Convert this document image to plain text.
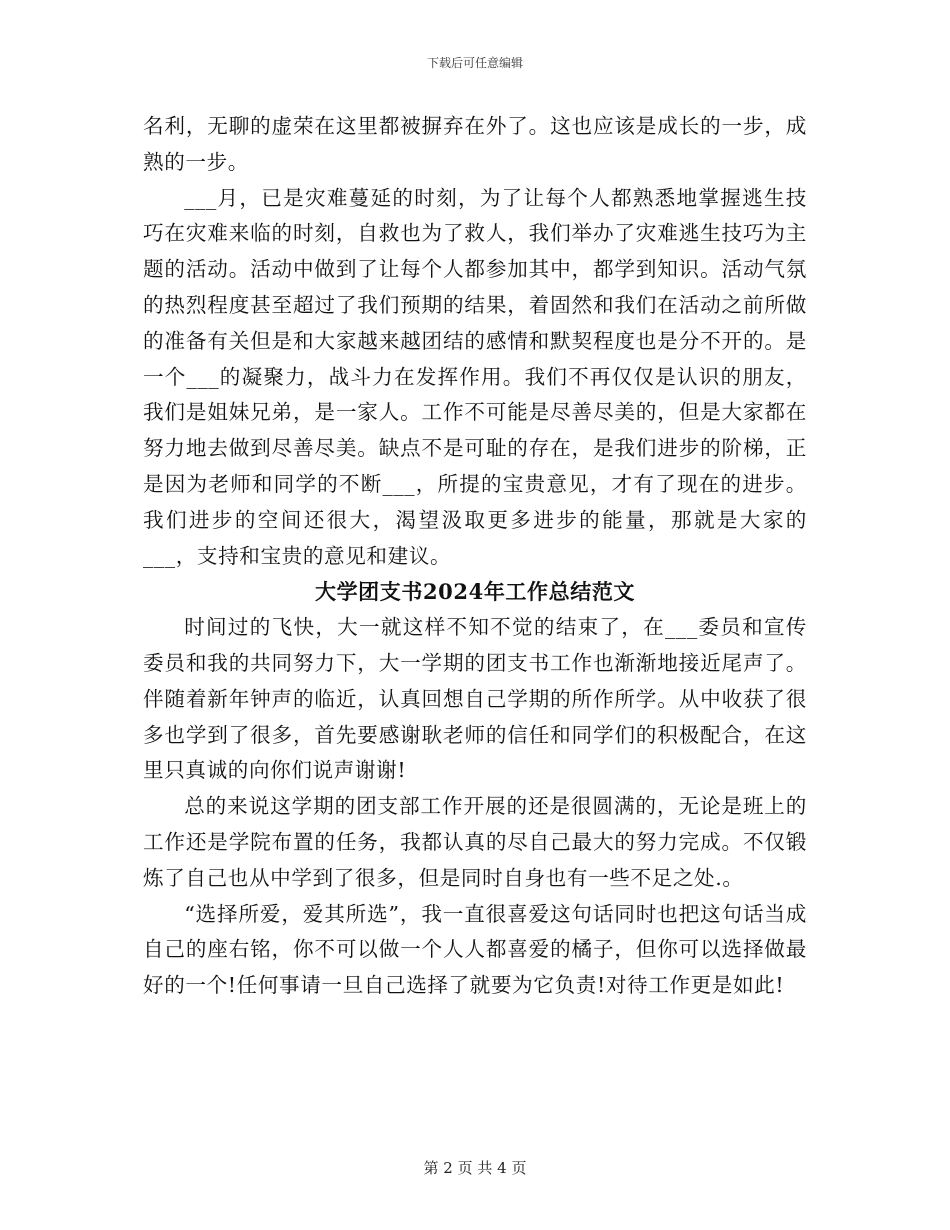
下载后可任意编辑

名利，无聊的虚荣在这里都被摒弃在外了。这也应该是成长的一步，成熟的一步。

___月，已是灾难蔓延的时刻，为了让每个人都熟悉地掌握逃生技巧在灾难来临的时刻，自救也为了救人，我们举办了灾难逃生技巧为主题的活动。活动中做到了让每个人都参加其中，都学到知识。活动气氛的热烈程度甚至超过了我们预期的结果，着固然和我们在活动之前所做的准备有关但是和大家越来越团结的感情和默契程度也是分不开的。是一个___的凝聚力，战斗力在发挥作用。我们不再仅仅是认识的朋友，我们是姐妹兄弟，是一家人。工作不可能是尽善尽美的，但是大家都在努力地去做到尽善尽美。缺点不是可耻的存在，是我们进步的阶梯，正是因为老师和同学的不断___，所提的宝贵意见，才有了现在的进步。我们进步的空间还很大，渴望汲取更多进步的能量，那就是大家的___，支持和宝贵的意见和建议。

大学团支书2024年工作总结范文

时间过的飞快，大一就这样不知不觉的结束了，在___委员和宣传委员和我的共同努力下，大一学期的团支书工作也渐渐地接近尾声了。伴随着新年钟声的临近，认真回想自己学期的所作所学。从中收获了很多也学到了很多，首先要感谢耿老师的信任和同学们的积极配合，在这里只真诚的向你们说声谢谢!

总的来说这学期的团支部工作开展的还是很圆满的，无论是班上的工作还是学院布置的任务，我都认真的尽自己最大的努力完成。不仅锻炼了自己也从中学到了很多，但是同时自身也有一些不足之处.。

“选择所爱，爱其所选”，我一直很喜爱这句话同时也把这句话当成自己的座右铭，你不可以做一个人人都喜爱的橘子，但你可以选择做最好的一个!任何事请一旦自己选择了就要为它负责!对待工作更是如此!

第 2 页 共 4 页
